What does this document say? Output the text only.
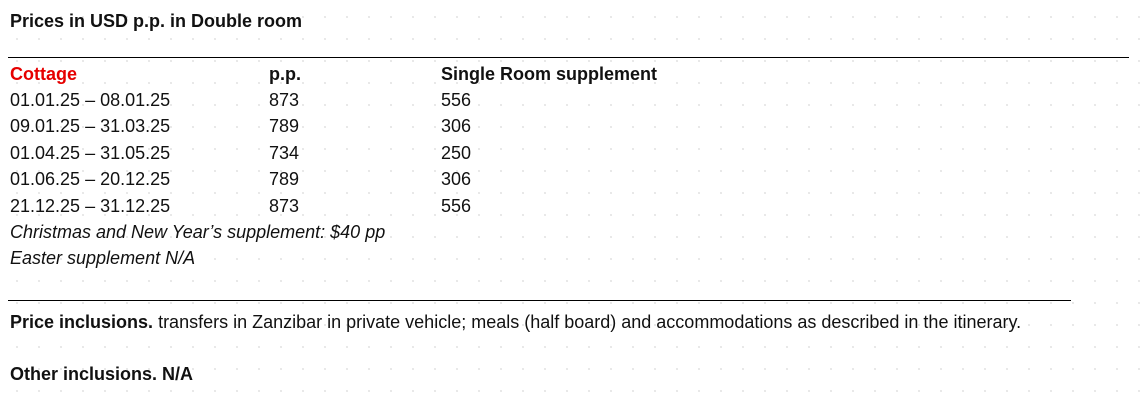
Prices in USD p.p. in Double room
Cottage	p.p.	Single Room supplement
01.01.25 – 08.01.25	873	556
09.01.25 – 31.03.25	789	306
01.04.25 – 31.05.25	734	250
01.06.25 – 20.12.25	789	306
21.12.25 – 31.12.25	873	556
Christmas and New Year’s supplement: $40 pp
Easter supplement N/A
Price inclusions. transfers in Zanzibar in private vehicle; meals (half board) and accommodations as described in the itinerary.
Other inclusions. N/A
